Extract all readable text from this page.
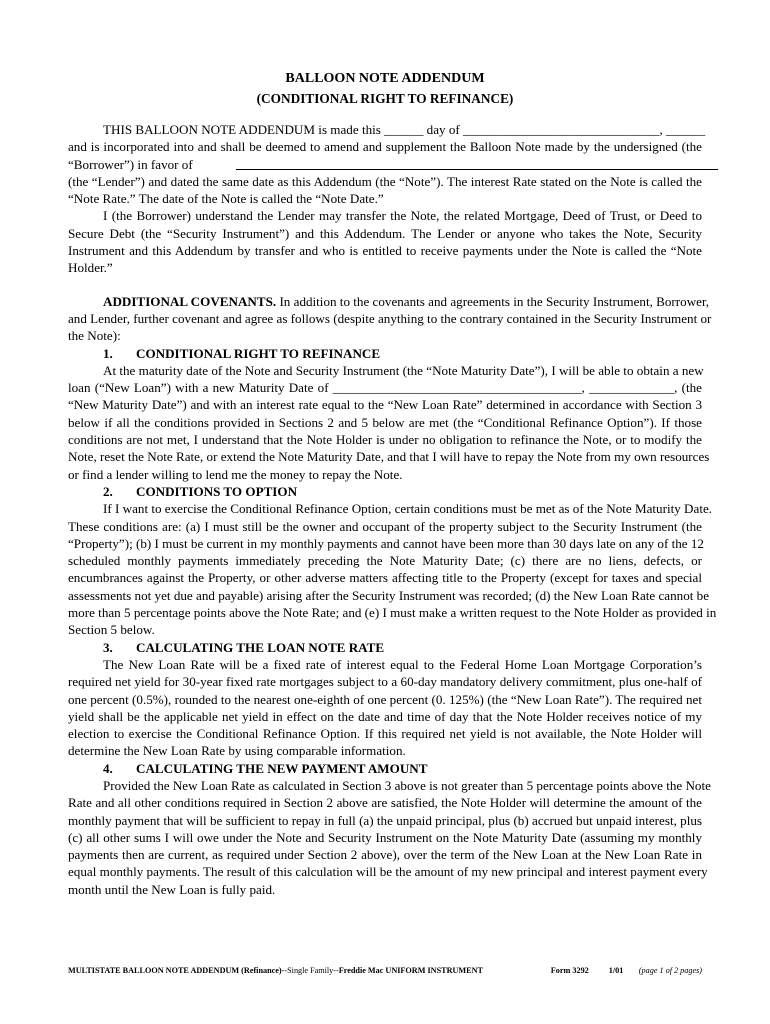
BALLOON NOTE ADDENDUM
(CONDITIONAL RIGHT TO REFINANCE)
THIS BALLOON NOTE ADDENDUM is made this ______ day of ______________________________, ______
and is incorporated into and shall be deemed to amend and supplement the Balloon Note made by the undersigned (the
“Borrower”) in favor of
(the “Lender”) and dated the same date as this Addendum (the “Note”). The interest Rate stated on the Note is called the
“Note Rate.” The date of the Note is called the “Note Date.”
I (the Borrower) understand the Lender may transfer the Note, the related Mortgage, Deed of Trust, or Deed to
Secure Debt (the “Security Instrument”) and this Addendum. The Lender or anyone who takes the Note, Security
Instrument and this Addendum by transfer and who is entitled to receive payments under the Note is called the “Note
Holder.”
ADDITIONAL COVENANTS. In addition to the covenants and agreements in the Security Instrument, Borrower,
and Lender, further covenant and agree as follows (despite anything to the contrary contained in the Security Instrument or
the Note):
1. CONDITIONAL RIGHT TO REFINANCE
At the maturity date of the Note and Security Instrument (the “Note Maturity Date”), I will be able to obtain a new
loan (“New Loan”) with a new Maturity Date of ______________________________________, _____________, (the
“New Maturity Date”) and with an interest rate equal to the “New Loan Rate” determined in accordance with Section 3
below if all the conditions provided in Sections 2 and 5 below are met (the “Conditional Refinance Option”). If those
conditions are not met, I understand that the Note Holder is under no obligation to refinance the Note, or to modify the
Note, reset the Note Rate, or extend the Note Maturity Date, and that I will have to repay the Note from my own resources
or find a lender willing to lend me the money to repay the Note.
2. CONDITIONS TO OPTION
If I want to exercise the Conditional Refinance Option, certain conditions must be met as of the Note Maturity Date.
These conditions are: (a) I must still be the owner and occupant of the property subject to the Security Instrument (the
“Property”); (b) I must be current in my monthly payments and cannot have been more than 30 days late on any of the 12
scheduled monthly payments immediately preceding the Note Maturity Date; (c) there are no liens, defects, or
encumbrances against the Property, or other adverse matters affecting title to the Property (except for taxes and special
assessments not yet due and payable) arising after the Security Instrument was recorded; (d) the New Loan Rate cannot be
more than 5 percentage points above the Note Rate; and (e) I must make a written request to the Note Holder as provided in
Section 5 below.
3. CALCULATING THE LOAN NOTE RATE
The New Loan Rate will be a fixed rate of interest equal to the Federal Home Loan Mortgage Corporation’s
required net yield for 30-year fixed rate mortgages subject to a 60-day mandatory delivery commitment, plus one-half of
one percent (0.5%), rounded to the nearest one-eighth of one percent (0. 125%) (the “New Loan Rate”). The required net
yield shall be the applicable net yield in effect on the date and time of day that the Note Holder receives notice of my
election to exercise the Conditional Refinance Option. If this required net yield is not available, the Note Holder will
determine the New Loan Rate by using comparable information.
4. CALCULATING THE NEW PAYMENT AMOUNT
Provided the New Loan Rate as calculated in Section 3 above is not greater than 5 percentage points above the Note
Rate and all other conditions required in Section 2 above are satisfied, the Note Holder will determine the amount of the
monthly payment that will be sufficient to repay in full (a) the unpaid principal, plus (b) accrued but unpaid interest, plus
(c) all other sums I will owe under the Note and Security Instrument on the Note Maturity Date (assuming my monthly
payments then are current, as required under Section 2 above), over the term of the New Loan at the New Loan Rate in
equal monthly payments. The result of this calculation will be the amount of my new principal and interest payment every
month until the New Loan is fully paid.
MULTISTATE BALLOON NOTE ADDENDUM (Refinance)--Single Family--Freddie Mac UNIFORM INSTRUMENT	Form 3292	1/01	(page 1 of 2 pages)
